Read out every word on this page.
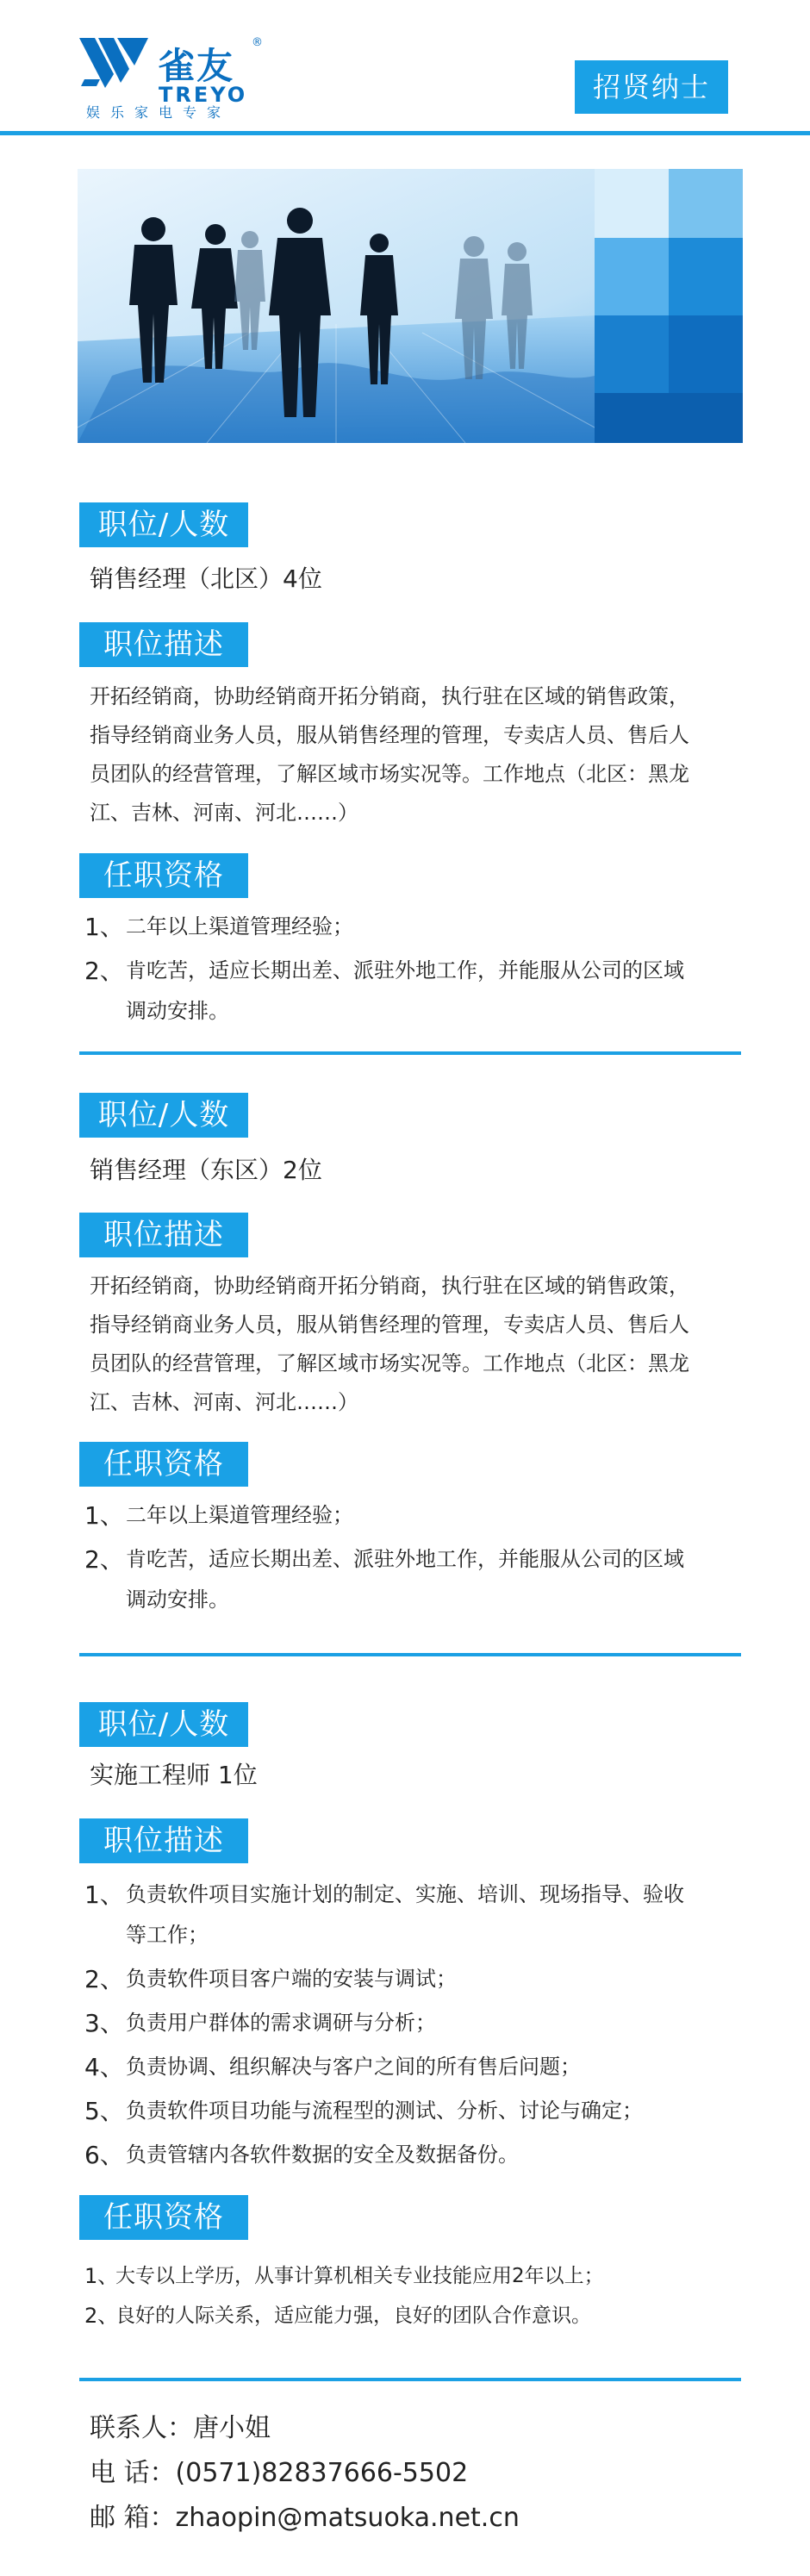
雀友
®
TREYO
娱乐家电专家
招贤纳士
职位/人数
销售经理（北区）4位
职位描述
开拓经销商，协助经销商开拓分销商，执行驻在区域的销售政策，
指导经销商业务人员，服从销售经理的管理，专卖店人员、售后人
员团队的经营管理，了解区域市场实况等。工作地点（北区：黑龙
江、吉林、河南、河北……）
任职资格
1、 二年以上渠道管理经验；
2、 肯吃苦，适应长期出差、派驻外地工作，并能服从公司的区域
调动安排。
职位/人数
销售经理（东区）2位
职位描述
开拓经销商，协助经销商开拓分销商，执行驻在区域的销售政策，
指导经销商业务人员，服从销售经理的管理，专卖店人员、售后人
员团队的经营管理，了解区域市场实况等。工作地点（北区：黑龙
江、吉林、河南、河北……）
任职资格
1、 二年以上渠道管理经验；
2、 肯吃苦，适应长期出差、派驻外地工作，并能服从公司的区域
调动安排。
职位/人数
实施工程师 1位
职位描述
1、 负责软件项目实施计划的制定、实施、培训、现场指导、验收
等工作；
2、 负责软件项目客户端的安装与调试；
3、 负责用户群体的需求调研与分析；
4、 负责协调、组织解决与客户之间的所有售后问题；
5、 负责软件项目功能与流程型的测试、分析、讨论与确定；
6、 负责管辖内各软件数据的安全及数据备份。
任职资格
1、
大专以上学历，从事计算机相关专业技能应用2年以上；
2、
良好的人际关系，适应能力强，良好的团队合作意识。
联系人：唐小姐
电 话：(0571)82837666-5502
邮 箱：zhaopin@matsuoka.net.cn
